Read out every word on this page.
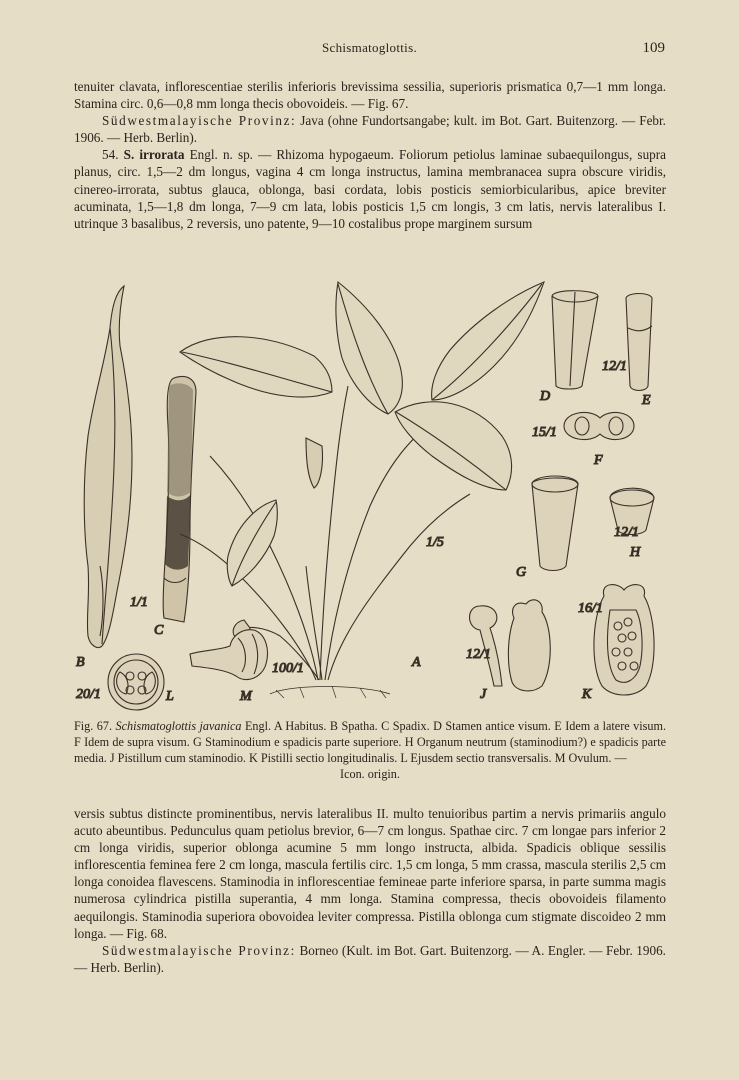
Schismatoglottis.	109

tenuiter clavata, inflorescentiae sterilis inferioris brevissima sessilia, superioris prismatica 0,7—1 mm longa. Stamina circ. 0,6—0,8 mm longa thecis obovoideis. — Fig. 67.

Südwestmalayische Provinz: Java (ohne Fundortsangabe; kult. im Bot. Gart. Buitenzorg. — Febr. 1906. — Herb. Berlin).

54. S. irrorata Engl. n. sp. — Rhizoma hypogaeum. Foliorum petiolus laminae subaequilongus, supra planus, circ. 1,5—2 dm longus, vagina 4 cm longa instructus, lamina membranacea supra obscure viridis, cinereo-irrorata, subtus glauca, oblonga, basi cordata, lobis posticis semiorbicularibus, apice breviter acuminata, 1,5—1,8 dm longa, 7—9 cm lata, lobis posticis 1,5 cm longis, 3 cm latis, nervis lateralibus I. utrinque 3 basalibus, 2 reversis, uno patente, 9—10 costalibus prope marginem sursum

B
C
A
D	E
F
G
H
J	K
L	M
1/5
1/1
12/1
15/1
12/1
12/1
16/1
20/1
100/1
Fig. 67. Schismatoglottis javanica Engl. A Habitus. B Spatha. C Spadix. D Stamen antice visum. E Idem a latere visum. F Idem de supra visum. G Staminodium e spadicis parte superiore. H Organum neutrum (staminodium?) e spadicis parte media. J Pistillum cum staminodio. K Pistilli sectio longitudinalis. L Ejusdem sectio transversalis. M Ovulum. —
Icon. origin.

versis subtus distincte prominentibus, nervis lateralibus II. multo tenuioribus partim a nervis primariis angulo acuto abeuntibus. Pedunculus quam petiolus brevior, 6—7 cm longus. Spathae circ. 7 cm longae pars inferior 2 cm longa viridis, superior oblonga acumine 5 mm longo instructa, albida. Spadicis oblique sessilis inflorescentia feminea fere 2 cm longa, mascula fertilis circ. 1,5 cm longa, 5 mm crassa, mascula sterilis 2,5 cm longa conoidea flavescens. Staminodia in inflorescentiae femineae parte inferiore sparsa, in parte summa magis numerosa cylindrica pistilla superantia, 4 mm longa. Stamina compressa, thecis obovoideis filamento aequilongis. Staminodia superiora obovoidea leviter compressa. Pistilla oblonga cum stigmate discoideo 2 mm longa. — Fig. 68.

Südwestmalayische Provinz: Borneo (Kult. im Bot. Gart. Buitenzorg. — A. Engler. — Febr. 1906. — Herb. Berlin).
